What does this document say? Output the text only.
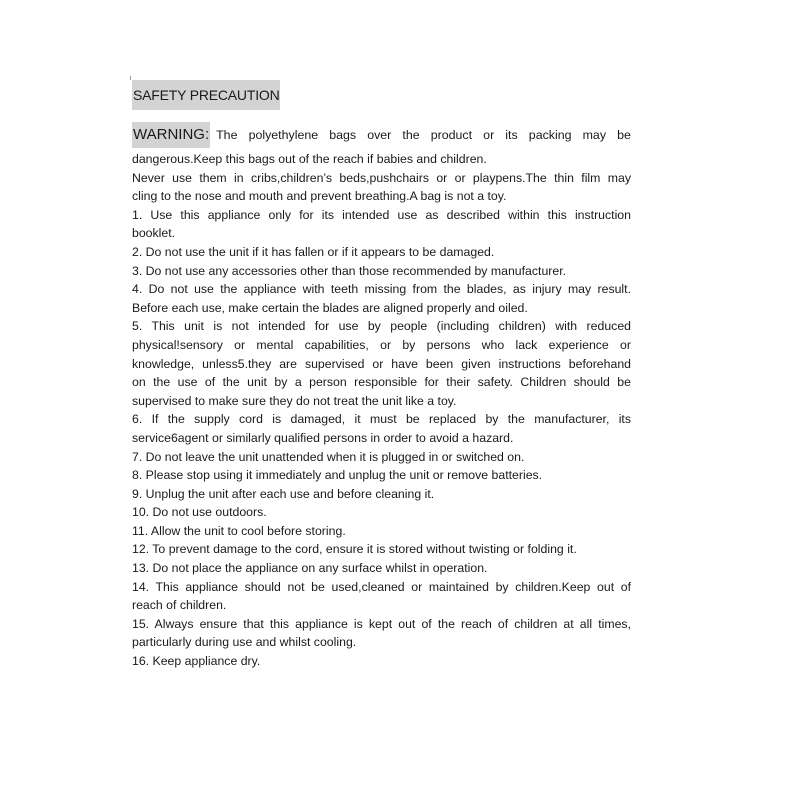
SAFETY PRECAUTION
WARNING: The polyethylene bags over the product or its packing may be
dangerous.Keep this bags out of the reach if babies and children.
Never use them in cribs,children’s beds,pushchairs or or playpens.The thin film may
cling to the nose and mouth and prevent breathing.A bag is not a toy.
1. Use this appliance only for its intended use as described within this instruction
booklet.
2. Do not use the unit if it has fallen or if it appears to be damaged.
3. Do not use any accessories other than those recommended by manufacturer.
4. Do not use the appliance with teeth missing from the blades, as injury may result.
Before each use, make certain the blades are aligned properly and oiled.
5. This unit is not intended for use by people (including children) with reduced
physical!sensory or mental capabilities, or by persons who lack experience or
knowledge, unless5.they are supervised or have been given instructions beforehand
on the use of the unit by a person responsible for their safety. Children should be
supervised to make sure they do not treat the unit like a toy.
6. If the supply cord is damaged, it must be replaced by the manufacturer, its
service6agent or similarly qualified persons in order to avoid a hazard.
7. Do not leave the unit unattended when it is plugged in or switched on.
8. Please stop using it immediately and unplug the unit or remove batteries.
9. Unplug the unit after each use and before cleaning it.
10. Do not use outdoors.
11. Allow the unit to cool before storing.
12. To prevent damage to the cord, ensure it is stored without twisting or folding it.
13. Do not place the appliance on any surface whilst in operation.
14. This appliance should not be used,cleaned or maintained by children.Keep out of
reach of children.
15. Always ensure that this appliance is kept out of the reach of children at all times,
particularly during use and whilst cooling.
16. Keep appliance dry.
